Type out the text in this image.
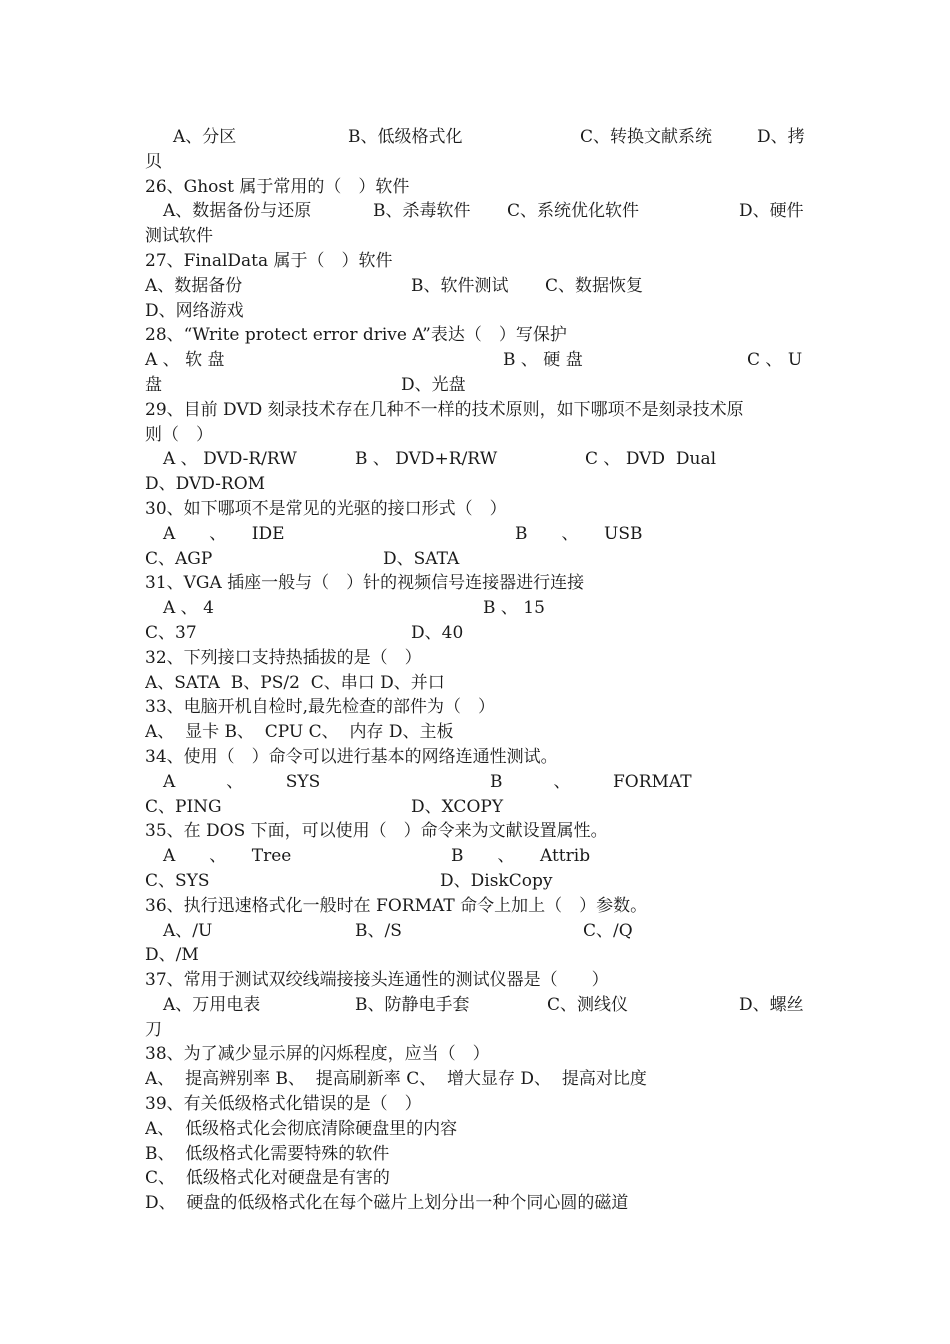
A、分区

	B、低级格式化

	C、转换文献系统

	D、拷

贝
26、Ghost 属于常用的（　）软件

A、数据备份与还原

	B、杀毒软件

C、系统优化软件

	D、硬件

测试软件
27、FinalData 属于（　）软件

A、数据备份

	B、软件测试

C、数据恢复

D、网络游戏
28、“Write protect error drive A”表达（　）写保护

A 、 软 盘

	B 、 硬 盘

	C 、 U

盘

	D、光盘

29、目前 DVD 刻录技术存在几种不一样的技术原则，如下哪项不是刻录技术原
则（　）

A 、 DVD-R/RW

	B 、 DVD+R/RW

	C 、 DVD  Dual

D、DVD-ROM
30、如下哪项不是常见的光驱的接口形式（　）

A　　、　　IDE

	B　　、　　USB

C、AGP

	D、SATA

31、VGA 插座一般与（　）针的视频信号连接器进行连接

A 、 4

	B 、 15

C、37

	D、40

32、下列接口支持热插拔的是（　）
A、SATA  B、PS/2  C、串口 D、并口
33、电脑开机自检时,最先检查的部件为（　）
A、  显卡 B、  CPU C、  内存 D、主板
34、使用（　）命令可以进行基本的网络连通性测试。

A　　　、　　　SYS

	B　　　、　　　FORMAT

C、PING

	D、XCOPY

35、在 DOS 下面，可以使用（　）命令来为文献设置属性。

A　　、　　Tree

	B　　、　　Attrib

C、SYS

	D、DiskCopy

36、执行迅速格式化一般时在 FORMAT 命令上加上（　）参数。

A、/U

	B、/S

	C、/Q

D、/M
37、常用于测试双绞线端接接头连通性的测试仪器是（　　）

A、万用电表

	B、防静电手套

	C、测线仪

	D、螺丝

刀
38、为了减少显示屏的闪烁程度，应当（　）
A、  提高辨别率 B、  提高刷新率 C、  增大显存 D、  提高对比度
39、有关低级格式化错误的是（　）
A、  低级格式化会彻底清除硬盘里的内容
B、  低级格式化需要特殊的软件
C、  低级格式化对硬盘是有害的
D、  硬盘的低级格式化在每个磁片上划分出一种个同心圆的磁道
